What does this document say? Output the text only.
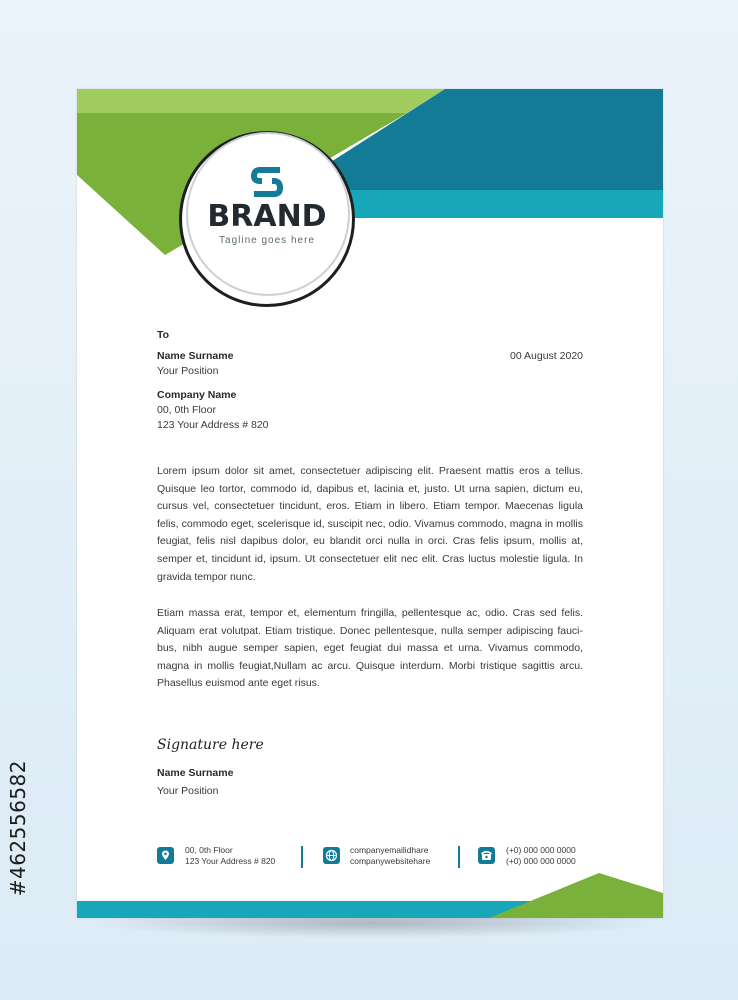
#462556582
BRAND
Tagline goes here
To
Name Surname
Your Position
Company Name
00, 0th Floor
123 Your Address # 820
00 August 2020
Lorem ipsum dolor sit amet, consectetuer adipiscing elit. Praesent mattis eros a tellus. Quisque leo tortor, commodo id, dapibus et, lacinia et, justo. Ut urna sapien, dictum eu, cursus vel, consectetuer tincidunt, eros. Etiam in libero. Etiam tempor. Maecenas ligula felis, commodo eget, scelerisque id, suscipit nec, odio. Vivamus commodo, magna in mollis feugiat, felis nisl dapibus dolor, eu blandit orci nulla in orci. Cras felis ipsum, mollis at, semper et, tincidunt id, ipsum. Ut consectetuer elit nec elit. Cras luctus molestie ligula. In gravida tempor nunc.
Etiam massa erat, tempor et, elementum fringilla, pellentesque ac, odio. Cras sed felis. Aliquam erat volutpat. Etiam tristique. Donec pellentesque, nulla semper adipiscing fauci-bus, nibh augue semper sapien, eget feugiat dui massa et urna. Vivamus commodo, magna in mollis feugiat,Nullam ac arcu. Quisque interdum. Morbi tristique sagittis arcu. Phasellus euismod ante eget risus.
Signature here
Name Surname
Your Position
00, 0th Floor
123 Your Address # 820
companyemailidhare
companywebsitehare
(+0) 000 000 0000
(+0) 000 000 0000
